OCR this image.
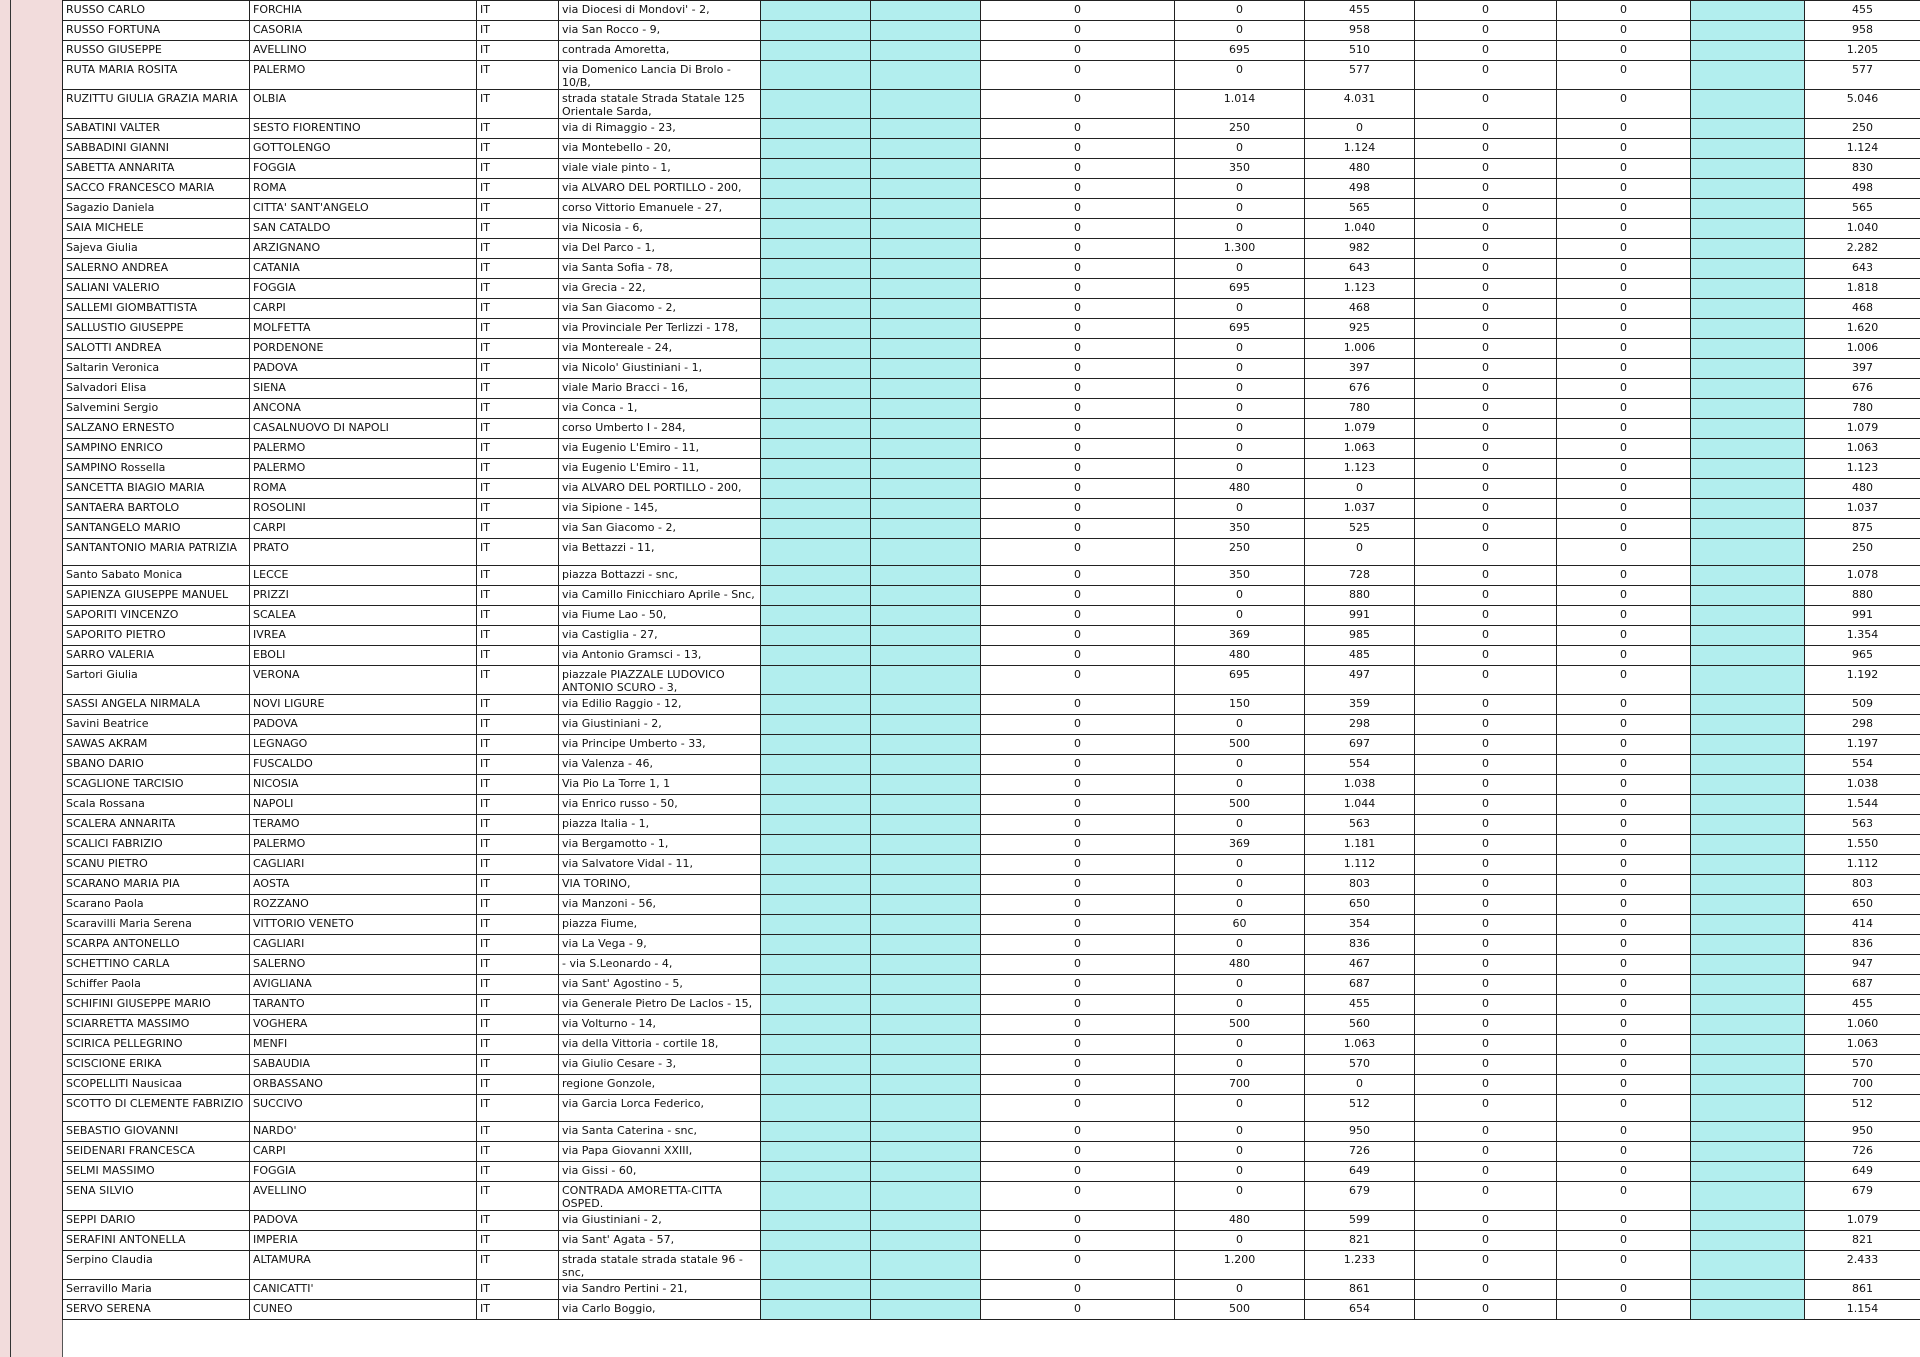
RUSSO CARLO	FORCHIA	IT	via Diocesi di Mondovi' - 2,			0	0	455	0	0		455
RUSSO FORTUNA	CASORIA	IT	via San Rocco - 9,			0	0	958	0	0		958
RUSSO GIUSEPPE	AVELLINO	IT	contrada Amoretta,			0	695	510	0	0		1.205
RUTA MARIA ROSITA	PALERMO	IT	via Domenico Lancia Di Brolo - 10/B,			0	0	577	0	0		577
RUZITTU GIULIA GRAZIA MARIA	OLBIA	IT	strada statale Strada Statale 125 Orientale Sarda,			0	1.014	4.031	0	0		5.046
SABATINI VALTER	SESTO FIORENTINO	IT	via di Rimaggio - 23,			0	250	0	0	0		250
SABBADINI GIANNI	GOTTOLENGO	IT	via Montebello - 20,			0	0	1.124	0	0		1.124
SABETTA ANNARITA	FOGGIA	IT	viale viale pinto - 1,			0	350	480	0	0		830
SACCO FRANCESCO MARIA	ROMA	IT	via ALVARO DEL PORTILLO - 200,			0	0	498	0	0		498
Sagazio Daniela	CITTA' SANT'ANGELO	IT	corso Vittorio Emanuele - 27,			0	0	565	0	0		565
SAIA MICHELE	SAN CATALDO	IT	via Nicosia - 6,			0	0	1.040	0	0		1.040
Sajeva Giulia	ARZIGNANO	IT	via Del Parco - 1,			0	1.300	982	0	0		2.282
SALERNO ANDREA	CATANIA	IT	via Santa Sofia - 78,			0	0	643	0	0		643
SALIANI VALERIO	FOGGIA	IT	via Grecia - 22,			0	695	1.123	0	0		1.818
SALLEMI GIOMBATTISTA	CARPI	IT	via San Giacomo - 2,			0	0	468	0	0		468
SALLUSTIO GIUSEPPE	MOLFETTA	IT	via Provinciale Per Terlizzi - 178,			0	695	925	0	0		1.620
SALOTTI ANDREA	PORDENONE	IT	via Montereale - 24,			0	0	1.006	0	0		1.006
Saltarin Veronica	PADOVA	IT	via Nicolo' Giustiniani - 1,			0	0	397	0	0		397
Salvadori Elisa	SIENA	IT	viale Mario Bracci - 16,			0	0	676	0	0		676
Salvemini Sergio	ANCONA	IT	via Conca - 1,			0	0	780	0	0		780
SALZANO ERNESTO	CASALNUOVO DI NAPOLI	IT	corso Umberto I - 284,			0	0	1.079	0	0		1.079
SAMPINO ENRICO	PALERMO	IT	via Eugenio L'Emiro - 11,			0	0	1.063	0	0		1.063
SAMPINO Rossella	PALERMO	IT	via Eugenio L'Emiro - 11,			0	0	1.123	0	0		1.123
SANCETTA BIAGIO MARIA	ROMA	IT	via ALVARO DEL PORTILLO - 200,			0	480	0	0	0		480
SANTAERA BARTOLO	ROSOLINI	IT	via Sipione - 145,			0	0	1.037	0	0		1.037
SANTANGELO MARIO	CARPI	IT	via San Giacomo - 2,			0	350	525	0	0		875
SANTANTONIO MARIA PATRIZIA	PRATO	IT	via Bettazzi - 11,			0	250	0	0	0		250
Santo Sabato Monica	LECCE	IT	piazza Bottazzi - snc,			0	350	728	0	0		1.078
SAPIENZA GIUSEPPE MANUEL	PRIZZI	IT	via Camillo Finicchiaro Aprile - Snc,			0	0	880	0	0		880
SAPORITI VINCENZO	SCALEA	IT	via Fiume Lao - 50,			0	0	991	0	0		991
SAPORITO PIETRO	IVREA	IT	via Castiglia - 27,			0	369	985	0	0		1.354
SARRO VALERIA	EBOLI	IT	via Antonio Gramsci - 13,			0	480	485	0	0		965
Sartori Giulia	VERONA	IT	piazzale PIAZZALE LUDOVICO ANTONIO SCURO - 3,			0	695	497	0	0		1.192
SASSI ANGELA NIRMALA	NOVI LIGURE	IT	via Edilio Raggio - 12,			0	150	359	0	0		509
Savini Beatrice	PADOVA	IT	via Giustiniani - 2,			0	0	298	0	0		298
SAWAS AKRAM	LEGNAGO	IT	via Principe Umberto - 33,			0	500	697	0	0		1.197
SBANO DARIO	FUSCALDO	IT	via Valenza - 46,			0	0	554	0	0		554
SCAGLIONE TARCISIO	NICOSIA	IT	Via Pio La Torre 1, 1			0	0	1.038	0	0		1.038
Scala Rossana	NAPOLI	IT	via Enrico russo - 50,			0	500	1.044	0	0		1.544
SCALERA ANNARITA	TERAMO	IT	piazza Italia - 1,			0	0	563	0	0		563
SCALICI FABRIZIO	PALERMO	IT	via Bergamotto - 1,			0	369	1.181	0	0		1.550
SCANU PIETRO	CAGLIARI	IT	via Salvatore Vidal - 11,			0	0	1.112	0	0		1.112
SCARANO MARIA PIA	AOSTA	IT	VIA TORINO,			0	0	803	0	0		803
Scarano Paola	ROZZANO	IT	via Manzoni - 56,			0	0	650	0	0		650
Scaravilli Maria Serena	VITTORIO VENETO	IT	piazza Fiume,			0	60	354	0	0		414
SCARPA ANTONELLO	CAGLIARI	IT	via La Vega - 9,			0	0	836	0	0		836
SCHETTINO CARLA	SALERNO	IT	- via S.Leonardo - 4,			0	480	467	0	0		947
Schiffer Paola	AVIGLIANA	IT	via Sant' Agostino - 5,			0	0	687	0	0		687
SCHIFINI GIUSEPPE MARIO	TARANTO	IT	via Generale Pietro De Laclos - 15,			0	0	455	0	0		455
SCIARRETTA MASSIMO	VOGHERA	IT	via Volturno - 14,			0	500	560	0	0		1.060
SCIRICA PELLEGRINO	MENFI	IT	via della Vittoria - cortile 18,			0	0	1.063	0	0		1.063
SCISCIONE ERIKA	SABAUDIA	IT	via Giulio Cesare - 3,			0	0	570	0	0		570
SCOPELLITI Nausicaa	ORBASSANO	IT	regione Gonzole,			0	700	0	0	0		700
SCOTTO DI CLEMENTE FABRIZIO	SUCCIVO	IT	via Garcia Lorca Federico,			0	0	512	0	0		512
SEBASTIO GIOVANNI	NARDO'	IT	via Santa Caterina - snc,			0	0	950	0	0		950
SEIDENARI FRANCESCA	CARPI	IT	via Papa Giovanni XXIII,			0	0	726	0	0		726
SELMI MASSIMO	FOGGIA	IT	via Gissi - 60,			0	0	649	0	0		649
SENA SILVIO	AVELLINO	IT	CONTRADA AMORETTA-CITTA OSPED.			0	0	679	0	0		679
SEPPI DARIO	PADOVA	IT	via Giustiniani - 2,			0	480	599	0	0		1.079
SERAFINI ANTONELLA	IMPERIA	IT	via Sant' Agata - 57,			0	0	821	0	0		821
Serpino Claudia	ALTAMURA	IT	strada statale strada statale 96 - snc,			0	1.200	1.233	0	0		2.433
Serravillo Maria	CANICATTI'	IT	via Sandro Pertini - 21,			0	0	861	0	0		861
SERVO SERENA	CUNEO	IT	via Carlo Boggio,			0	500	654	0	0		1.154
